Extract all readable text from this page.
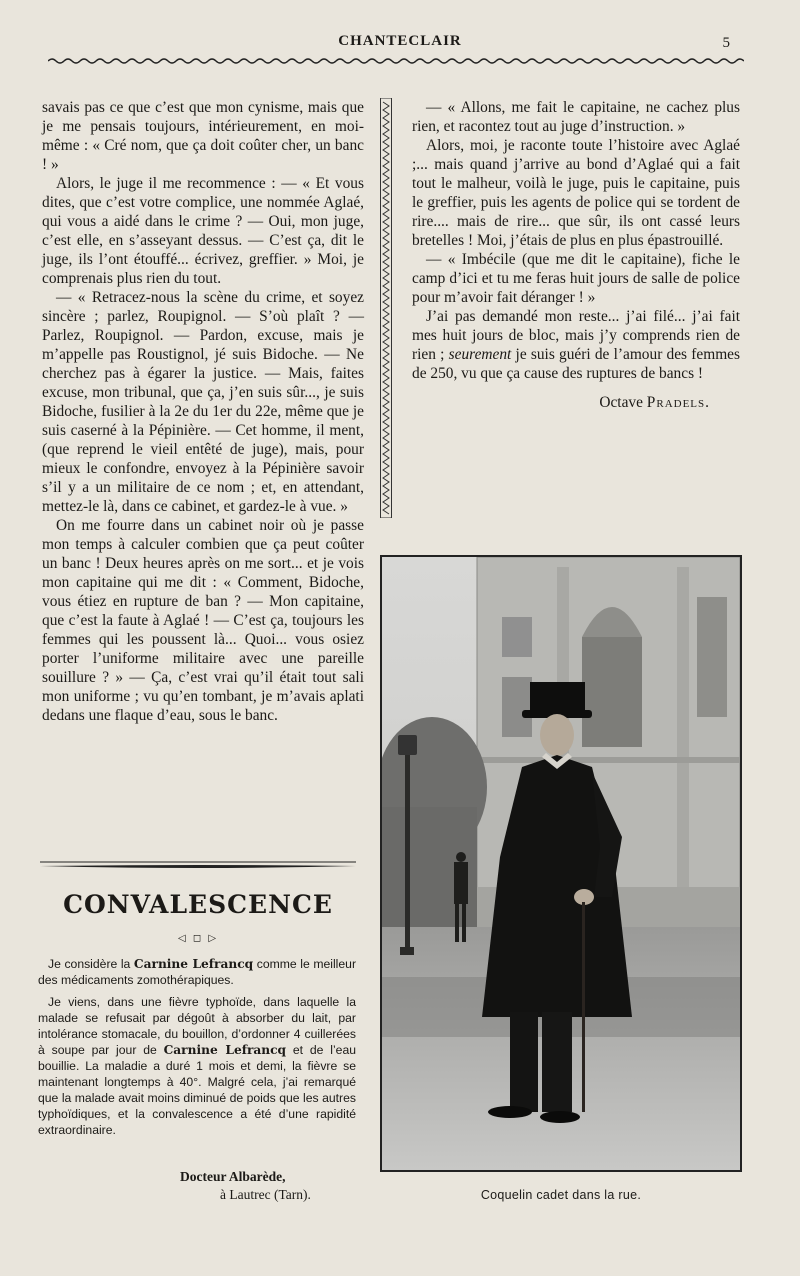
CHANTECLAIR	5

savais pas ce que c’est que mon cynisme, mais que je me pensais toujours, intérieurement, en moi-même : « Cré nom, que ça doit coûter cher, un banc ! »

Alors, le juge il me recommence : — « Et vous dites, que c’est votre complice, une nommée Aglaé, qui vous a aidé dans le crime ? — Oui, mon juge, c’est elle, en s’asseyant dessus. — C’est ça, dit le juge, ils l’ont étouffé... écrivez, greffier. » Moi, je comprenais plus rien du tout.

— « Retracez-nous la scène du crime, et soyez sincère ; parlez, Roupignol. — S’où plaît ? — Parlez, Roupignol. — Pardon, excuse, mais je m’appelle pas Roustignol, jé suis Bidoche. — Ne cherchez pas à égarer la justice. — Mais, faites excuse, mon tribunal, que ça, j’en suis sûr..., je suis Bidoche, fusilier à la 2e du 1er du 22e, même que je suis caserné à la Pépinière. — Cet homme, il ment, (que reprend le vieil entêté de juge), mais, pour mieux le confondre, envoyez à la Pépinière savoir s’il y a un militaire de ce nom ; et, en attendant, mettez-le là, dans ce cabinet, et gardez-le à vue. »

On me fourre dans un cabinet noir où je passe mon temps à calculer combien que ça peut coûter un banc ! Deux heures après on me sort... et je vois mon capitaine qui me dit : « Comment, Bidoche, vous étiez en rupture de ban ? — Mon capitaine, que c’est la faute à Aglaé ! — C’est ça, toujours les femmes qui les poussent là... Quoi... vous osiez porter l’uniforme militaire avec une pareille souillure ? » — Ça, c’est vrai qu’il était tout sali mon uniforme ; vu qu’en tombant, je m’avais aplati dedans une flaque d’eau, sous le banc.

— « Allons, me fait le capitaine, ne cachez plus rien, et racontez tout au juge d’instruction. »

Alors, moi, je raconte toute l’histoire avec Aglaé ;... mais quand j’arrive au bond d’Aglaé qui a fait tout le malheur, voilà le juge, puis le capitaine, puis le greffier, puis les agents de police qui se tordent de rire.... mais de rire... que sûr, ils ont cassé leurs bretelles ! Moi, j’étais de plus en plus épastrouillé.

— « Imbécile (que me dit le capitaine), fiche le camp d’ici et tu me feras huit jours de salle de police pour m’avoir fait déranger ! »

J’ai pas demandé mon reste... j’ai filé... j’ai fait mes huit jours de bloc, mais j’y comprends rien de rien ; seurement je suis guéri de l’amour des femmes de 250, vu que ça cause des ruptures de bancs !

Octave Pradels.

CONVALESCENCE
◁ ◻ ▷

Je considère la Carnine Lefrancq comme le meilleur des médicaments zomothérapiques.

Je viens, dans une fièvre typhoïde, dans laquelle la malade se refusait par dégoût à absorber du lait, par intolérance stomacale, du bouillon, d’ordonner 4 cuillerées à soupe par jour de Carnine Lefrancq et de l’eau bouillie. La maladie a duré 1 mois et demi, la fièvre se maintenant longtemps à 40°. Malgré cela, j’ai remarqué que la malade avait moins diminué de poids que les autres typhoïdiques, et la convalescence a été d’une rapidité extraordinaire.

Docteur Albarède,
à Lautrec (Tarn).	Coquelin cadet dans la rue.
